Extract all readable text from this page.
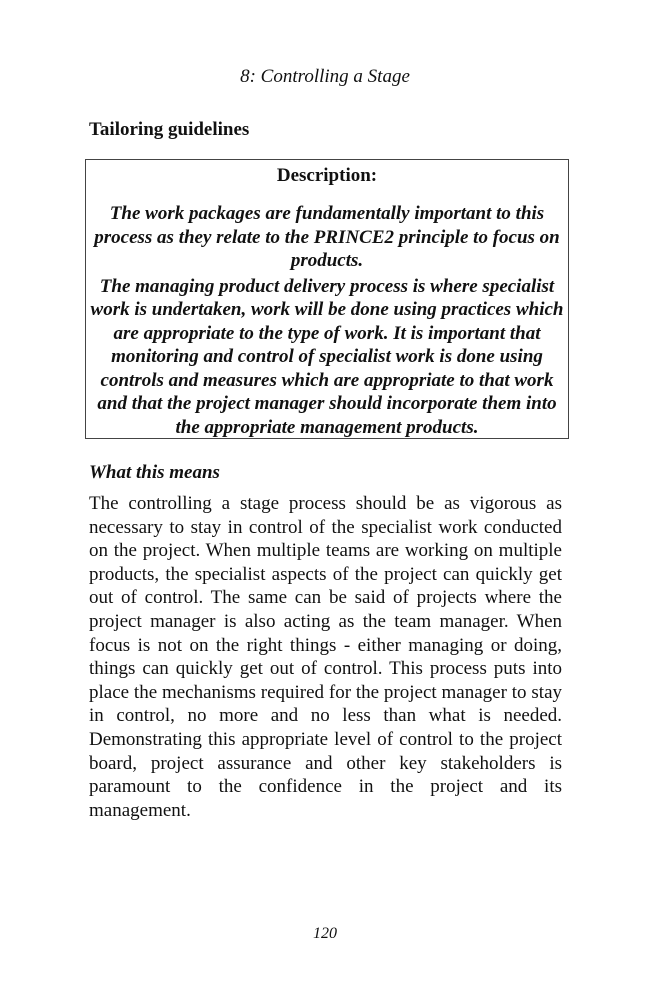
8: Controlling a Stage
Tailoring guidelines
Description:
The work packages are fundamentally important to this process as they relate to the PRINCE2 principle to focus on products.
The managing product delivery process is where specialist work is undertaken, work will be done using practices which are appropriate to the type of work. It is important that monitoring and control of specialist work is done using controls and measures which are appropriate to that work and that the project manager should incorporate them into the appropriate management products.
What this means
The controlling a stage process should be as vigorous as necessary to stay in control of the specialist work conducted on the project. When multiple teams are working on multiple products, the specialist aspects of the project can quickly get out of control. The same can be said of projects where the project manager is also acting as the team manager. When focus is not on the right things - either managing or doing, things can quickly get out of control. This process puts into place the mechanisms required for the project manager to stay in control, no more and no less than what is needed. Demonstrating this appropriate level of control to the project board, project assurance and other key stakeholders is paramount to the confidence in the project and its management.
120
